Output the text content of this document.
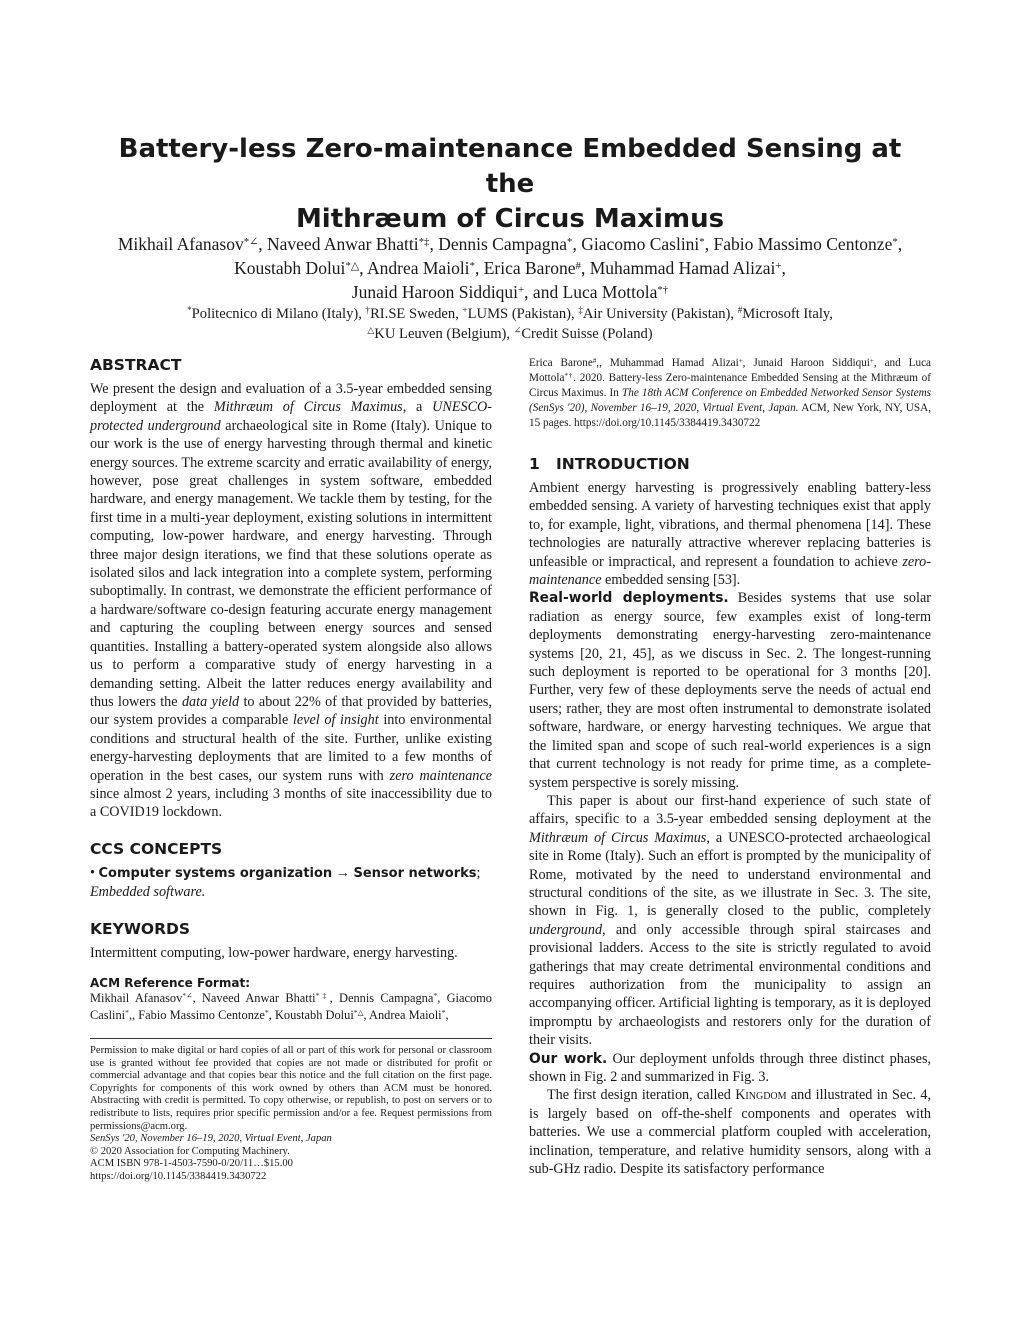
Battery-less Zero-maintenance Embedded Sensing at the
Mithræum of Circus Maximus
Mikhail Afanasov*∠, Naveed Anwar Bhatti*‡, Dennis Campagna*, Giacomo Caslini*, Fabio Massimo Centonze*,
Koustabh Dolui*△, Andrea Maioli*, Erica Barone#, Muhammad Hamad Alizai+,
Junaid Haroon Siddiqui+, and Luca Mottola*†
*Politecnico di Milano (Italy), †RI.SE Sweden, +LUMS (Pakistan), ‡Air University (Pakistan), #Microsoft Italy,
△KU Leuven (Belgium), ∠Credit Suisse (Poland)
ABSTRACT

We present the design and evaluation of a 3.5-year embedded sensing deployment at the Mithræum of Circus Maximus, a UNESCO-protected underground archaeological site in Rome (Italy). Unique to our work is the use of energy harvesting through thermal and kinetic energy sources. The extreme scarcity and erratic availability of energy, however, pose great challenges in system software, embedded hardware, and energy management. We tackle them by testing, for the first time in a multi-year deployment, existing solutions in intermittent computing, low-power hardware, and energy harvesting. Through three major design iterations, we find that these solutions operate as isolated silos and lack integration into a complete system, performing suboptimally. In contrast, we demonstrate the efficient performance of a hardware/software co-design featuring accurate energy management and capturing the coupling between energy sources and sensed quantities. Installing a battery-operated system alongside also allows us to perform a comparative study of energy harvesting in a demanding setting. Albeit the latter reduces energy availability and thus lowers the data yield to about 22% of that provided by batteries, our system provides a comparable level of insight into environmental conditions and structural health of the site. Further, unlike existing energy-harvesting deployments that are limited to a few months of operation in the best cases, our system runs with zero maintenance since almost 2 years, including 3 months of site inaccessibility due to a COVID19 lockdown.

CCS CONCEPTS

• Computer systems organization → Sensor networks; Embedded software.

KEYWORDS

Intermittent computing, low-power hardware, energy harvesting.

ACM Reference Format:

Mikhail Afanasov*∠, Naveed Anwar Bhatti*‡, Dennis Campagna*, Giacomo Caslini*,, Fabio Massimo Centonze*, Koustabh Dolui*△, Andrea Maioli*,

Permission to make digital or hard copies of all or part of this work for personal or classroom use is granted without fee provided that copies are not made or distributed for profit or commercial advantage and that copies bear this notice and the full citation on the first page. Copyrights for components of this work owned by others than ACM must be honored. Abstracting with credit is permitted. To copy otherwise, or republish, to post on servers or to redistribute to lists, requires prior specific permission and/or a fee. Request permissions from permissions@acm.org.

SenSys '20, November 16–19, 2020, Virtual Event, Japan

© 2020 Association for Computing Machinery.

ACM ISBN 978-1-4503-7590-0/20/11…$15.00

https://doi.org/10.1145/3384419.3430722

Erica Barone#,, Muhammad Hamad Alizai+, Junaid Haroon Siddiqui+, and Luca Mottola*†. 2020. Battery-less Zero-maintenance Embedded Sensing at the Mithræum of Circus Maximus. In The 18th ACM Conference on Embedded Networked Sensor Systems (SenSys '20), November 16–19, 2020, Virtual Event, Japan. ACM, New York, NY, USA, 15 pages. https://doi.org/10.1145/3384419.3430722

1 INTRODUCTION

Ambient energy harvesting is progressively enabling battery-less embedded sensing. A variety of harvesting techniques exist that apply to, for example, light, vibrations, and thermal phenomena [14]. These technologies are naturally attractive wherever replacing batteries is unfeasible or impractical, and represent a foundation to achieve zero-maintenance embedded sensing [53].

Real-world deployments. Besides systems that use solar radiation as energy source, few examples exist of long-term deployments demonstrating energy-harvesting zero-maintenance systems [20, 21, 45], as we discuss in Sec. 2. The longest-running such deployment is reported to be operational for 3 months [20]. Further, very few of these deployments serve the needs of actual end users; rather, they are most often instrumental to demonstrate isolated software, hardware, or energy harvesting techniques. We argue that the limited span and scope of such real-world experiences is a sign that current technology is not ready for prime time, as a complete-system perspective is sorely missing.

This paper is about our first-hand experience of such state of affairs, specific to a 3.5-year embedded sensing deployment at the Mithræum of Circus Maximus, a UNESCO-protected archaeological site in Rome (Italy). Such an effort is prompted by the municipality of Rome, motivated by the need to understand environmental and structural conditions of the site, as we illustrate in Sec. 3. The site, shown in Fig. 1, is generally closed to the public, completely underground, and only accessible through spiral staircases and provisional ladders. Access to the site is strictly regulated to avoid gatherings that may create detrimental environmental conditions and requires authorization from the municipality to assign an accompanying officer. Artificial lighting is temporary, as it is deployed impromptu by archaeologists and restorers only for the duration of their visits.

Our work. Our deployment unfolds through three distinct phases, shown in Fig. 2 and summarized in Fig. 3.

The first design iteration, called Kingdom and illustrated in Sec. 4, is largely based on off-the-shelf components and operates with batteries. We use a commercial platform coupled with acceleration, inclination, temperature, and relative humidity sensors, along with a sub-GHz radio. Despite its satisfactory performance
